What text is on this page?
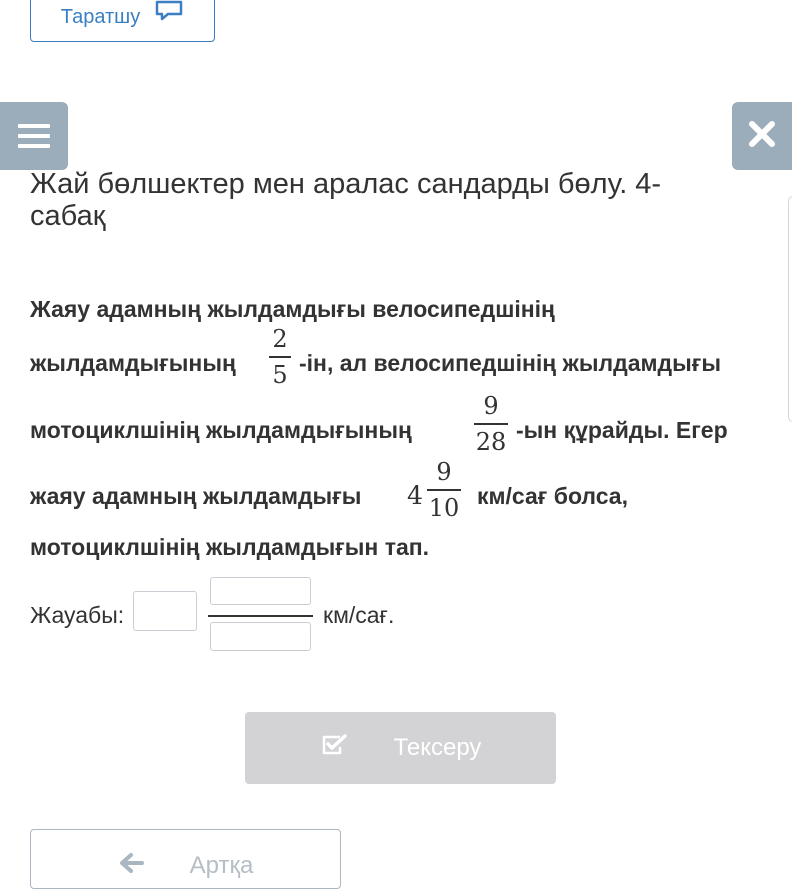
Таратшу
Жай бөлшектер мен аралас сандарды бөлу. 4-сабақ
Жаяу адамның жылдамдығы велосипедшінің
жылдамдығының
2
5 -ін, ал велосипедшінің жылдамдығы
мотоциклшінің жылдамдығының
9
28 -ын құрайды. Егер
жаяу адамның жылдамдығы 4
9
10 км/сағ болса,
мотоциклшінің жылдамдығын тап.
Жауабы:	км/сағ.
Тексеру
Артқа
